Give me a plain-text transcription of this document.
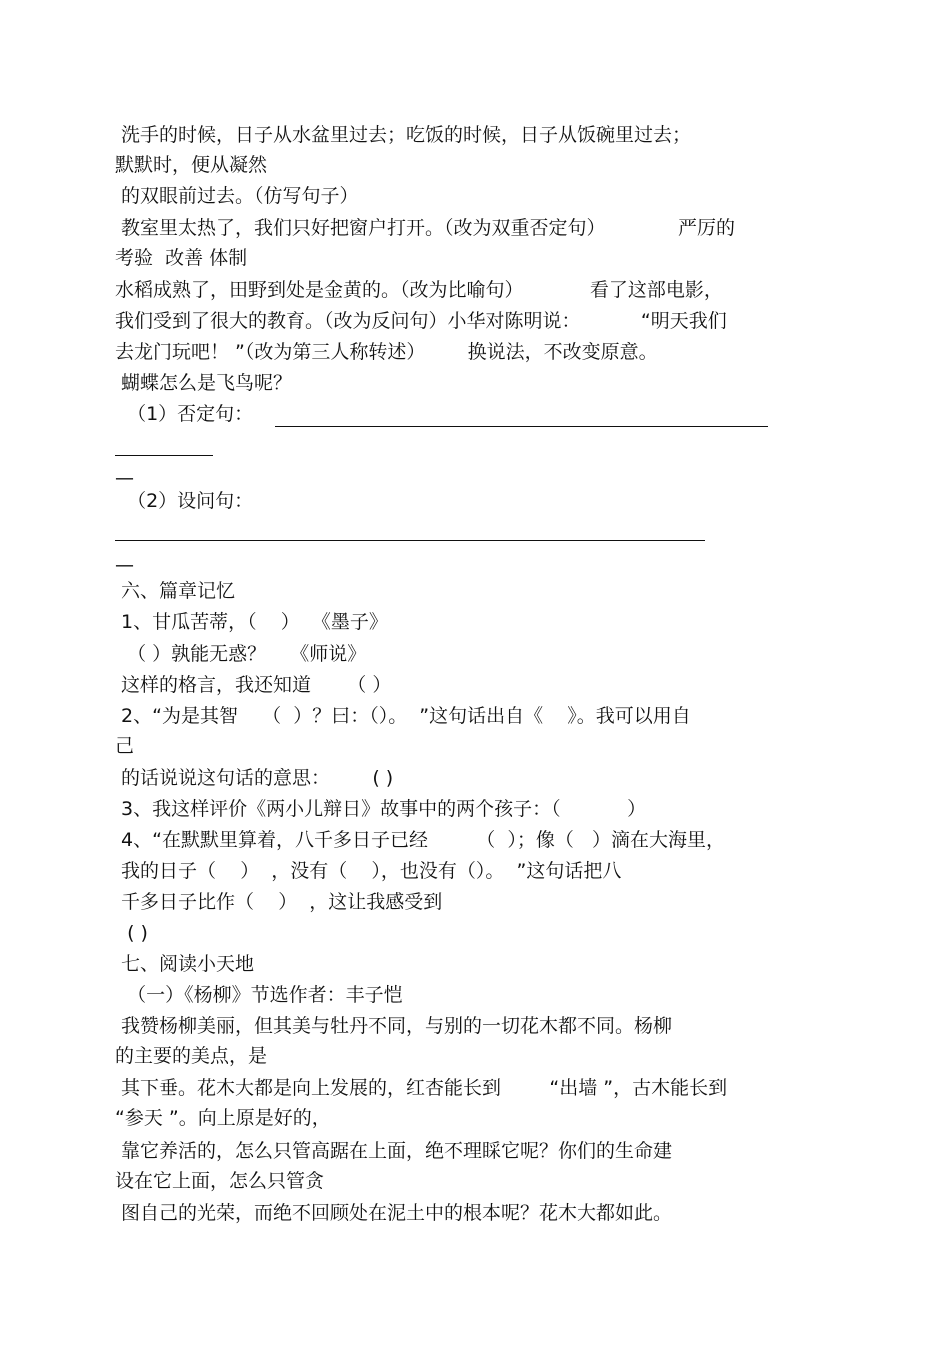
洗手的时候，日子从水盆里过去；吃饭的时候，日子从饭碗里过去；
默默时，便从凝然
的双眼前过去。（仿写句子）
教室里太热了，我们只好把窗户打开。（改为双重否定句）            严厉的
考验  改善 体制
水稻成熟了，田野到处是金黄的。（改为比喻句）           看了这部电影，
我们受到了很大的教育。（改为反问句）小华对陈明说：          “明天我们
去龙门玩吧！ ”（改为第三人称转述）       换说法，不改变原意。
蝴蝶怎么是飞鸟呢？
（1）否定句：
—
（2）设问句：
—
六、篇章记忆
1、甘瓜苦蒂，（    ）  《墨子》
（ ）孰能无惑？    《师说》
这样的格言，我还知道      （ ）
2、“为是其智    （  ）？曰：（）。  ”这句话出自《    》。我可以用自
己
的话说说这句话的意思：       ( )
3、我这样评价《两小儿辩日》故事中的两个孩子：（           ）
4、“在默默里算着，八千多日子已经        （  ）；像（   ）滴在大海里，
我的日子（    ）  ，没有（    ），也没有（）。  ”这句话把八
千多日子比作（    ）  ，这让我感受到
( )
七、阅读小天地
（一）《杨柳》节选作者：丰子恺
我赞杨柳美丽，但其美与牡丹不同，与别的一切花木都不同。杨柳
的主要的美点，是
其下垂。花木大都是向上发展的，红杏能长到        “出墙 ”，古木能长到
“参天 ”。向上原是好的，
靠它养活的，怎么只管高踞在上面，绝不理睬它呢？你们的生命建
设在它上面，怎么只管贪
图自己的光荣，而绝不回顾处在泥土中的根本呢？花木大都如此。
